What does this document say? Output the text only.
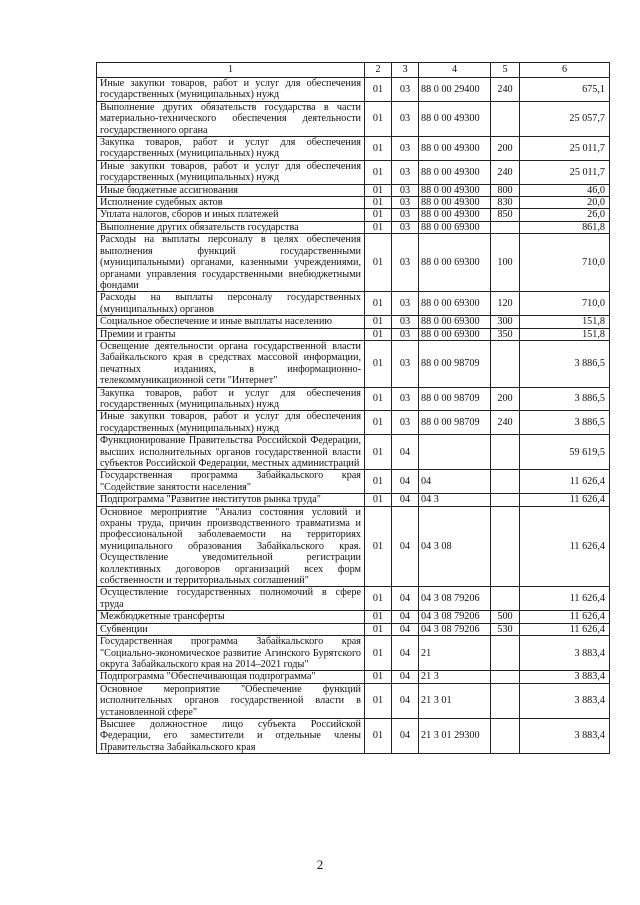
1	2	3	4	5	6
Иные закупки товаров, работ и услуг для обеспечения государственных (муниципальных) нужд	01	03	88 0 00 29400	240	675,1
Выполнение других обязательств государства в части материально-технического обеспечения деятельности государственного органа	01	03	88 0 00 49300		25 057,7
Закупка товаров, работ и услуг для обеспечения государственных (муниципальных) нужд	01	03	88 0 00 49300	200	25 011,7
Иные закупки товаров, работ и услуг для обеспечения государственных (муниципальных) нужд	01	03	88 0 00 49300	240	25 011,7
Иные бюджетные ассигнования	01	03	88 0 00 49300	800	46,0
Исполнение судебных актов	01	03	88 0 00 49300	830	20,0
Уплата налогов, сборов и иных платежей	01	03	88 0 00 49300	850	26,0
Выполнение других обязательств государства	01	03	88 0 00 69300		861,8
Расходы на выплаты персоналу в целях обеспечения выполнения функций государственными (муниципальными) органами, казенными учреждениями, органами управления государственными внебюджетными фондами	01	03	88 0 00 69300	100	710,0
Расходы на выплаты персоналу государственных (муниципальных) органов	01	03	88 0 00 69300	120	710,0
Социальное обеспечение и иные выплаты населению	01	03	88 0 00 69300	300	151,8
Премии и гранты	01	03	88 0 00 69300	350	151,8
Освещение деятельности органа государственной власти Забайкальского края в средствах массовой информации, печатных изданиях, в информационно-телекоммуникационной сети "Интернет"	01	03	88 0 00 98709		3 886,5
Закупка товаров, работ и услуг для обеспечения государственных (муниципальных) нужд	01	03	88 0 00 98709	200	3 886,5
Иные закупки товаров, работ и услуг для обеспечения государственных (муниципальных) нужд	01	03	88 0 00 98709	240	3 886,5
Функционирование Правительства Российской Федерации, высших исполнительных органов государственной власти субъектов Российской Федерации, местных администраций	01	04			59 619,5
Государственная программа Забайкальского края "Содействие занятости населения"	01	04	04		11 626,4
Подпрограмма "Развитие институтов рынка труда"	01	04	04 3		11 626,4
Основное мероприятие "Анализ состояния условий и охраны труда, причин производственного травматизма и профессиональной заболеваемости на территориях муниципального образования Забайкальского края. Осуществление уведомительной регистрации коллективных договоров организаций всех форм собственности и территориальных соглашений"	01	04	04 3 08		11 626,4
Осуществление государственных полномочий в сфере труда	01	04	04 3 08 79206		11 626,4
Межбюджетные трансферты	01	04	04 3 08 79206	500	11 626,4
Субвенции	01	04	04 3 08 79206	530	11 626,4
Государственная программа Забайкальского края "Социально-экономическое развитие Агинского Бурятского округа Забайкальского края на 2014–2021 годы"	01	04	21		3 883,4
Подпрограмма "Обеспечивающая подпрограмма"	01	04	21 3		3 883,4
Основное мероприятие "Обеспечение функций исполнительных органов государственной власти в установленной сфере"	01	04	21 3 01		3 883,4
Высшее должностное лицо субъекта Российской Федерации, его заместители и отдельные члены Правительства Забайкальского края	01	04	21 3 01 29300		3 883,4
2
